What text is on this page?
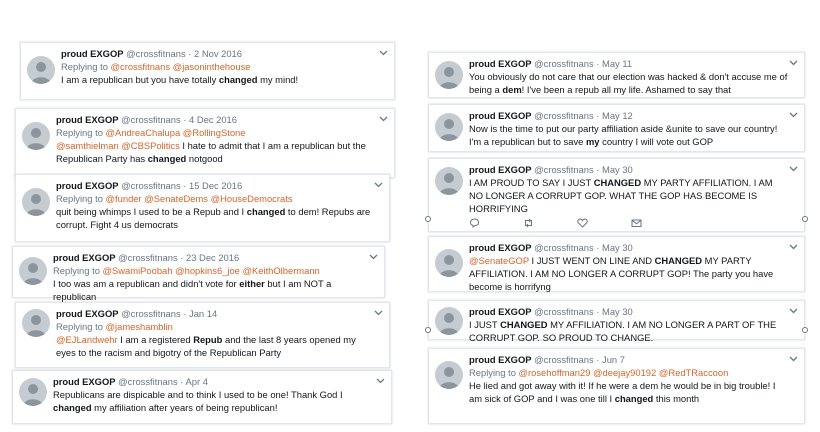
proud EXGOP @crossfitnans · 2 Nov 2016
Replying to @crossfitnans @jasoninthehouse
I am a republican but you have totally changed my mind!
proud EXGOP @crossfitnans · 4 Dec 2016
Replying to @AndreaChalupa @RollingStone
@samthielman @CBSPolitics I hate to admit that I am a republican but the Republican Party has changed notgood
proud EXGOP @crossfitnans · 15 Dec 2016
Replying to @funder @SenateDems @HouseDemocrats
quit being whimps I used to be a Repub and I changed to dem! Repubs are corrupt. Fight 4 us democrats
proud EXGOP @crossfitnans · 23 Dec 2016
Replying to @SwamiPoobah @hopkins6_joe @KeithOlbermann
I too was am a republican and didn't vote for either but I am NOT a republican
proud EXGOP @crossfitnans · Jan 14
Replying to @jameshamblin
@EJLandwehr I am a registered Repub and the last 8 years opened my eyes to the racism and bigotry of the Republican Party
proud EXGOP @crossfitnans · Apr 4
Republicans are dispicable and to think I used to be one! Thank God I changed my affiliation after years of being republican!
proud EXGOP @crossfitnans · May 11
You obviously do not care that our election was hacked & don't accuse me of being a dem! I've been a repub all my life. Ashamed to say that
proud EXGOP @crossfitnans · May 12
Now is the time to put our party affiliation aside &unite to save our country! I'm a republican but to save my country I will vote out GOP
proud EXGOP @crossfitnans · May 30
I AM PROUD TO SAY I JUST CHANGED MY PARTY AFFILIATION. I AM NO LONGER A CORRUPT GOP. WHAT THE GOP HAS BECOME IS HORRIFYING
proud EXGOP @crossfitnans · May 30
@SenateGOP I JUST WENT ON LINE AND CHANGED MY PARTY AFFILIATION. I AM NO LONGER A CORRUPT GOP! The party you have become is horrifyng
proud EXGOP @crossfitnans · May 30
I JUST CHANGED MY AFFILIATION. I AM NO LONGER A PART OF THE CORRUPT GOP. SO PROUD TO CHANGE.
proud EXGOP @crossfitnans · Jun 7
Replying to @rosehoffman29 @deejay90192 @RedTRaccoon
He lied and got away with it! If he were a dem he would be in big trouble! I am sick of GOP and I was one till I changed this month
